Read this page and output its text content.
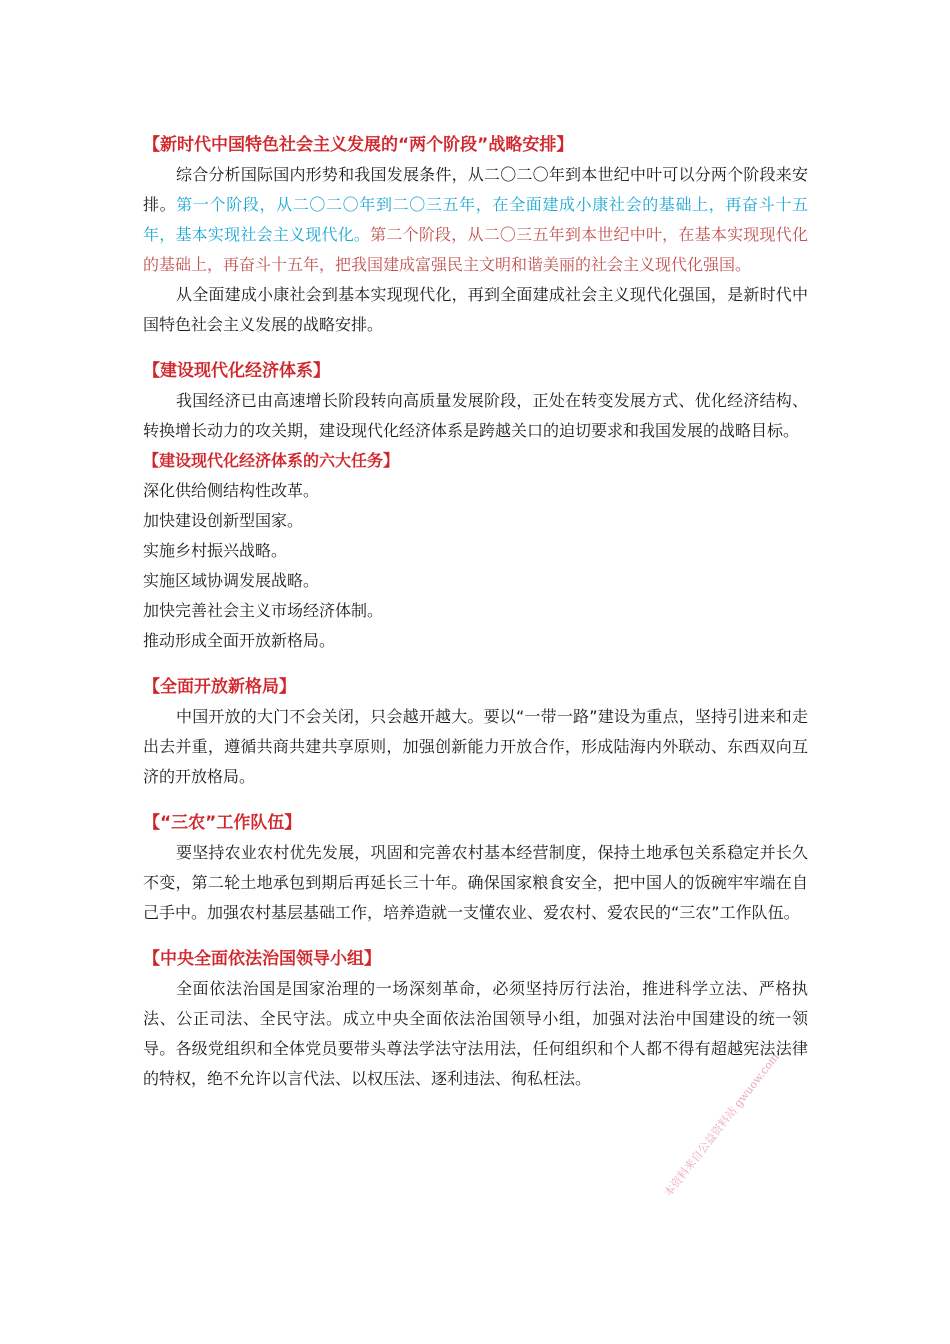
【新时代中国特色社会主义发展的“两个阶段”战略安排】

综合分析国际国内形势和我国发展条件，从二〇二〇年到本世纪中叶可以分两个阶段来安排。第一个阶段，从二〇二〇年到二〇三五年，在全面建成小康社会的基础上，再奋斗十五年，基本实现社会主义现代化。第二个阶段，从二〇三五年到本世纪中叶，在基本实现现代化的基础上，再奋斗十五年，把我国建成富强民主文明和谐美丽的社会主义现代化强国。

从全面建成小康社会到基本实现现代化，再到全面建成社会主义现代化强国，是新时代中国特色社会主义发展的战略安排。

【建设现代化经济体系】

我国经济已由高速增长阶段转向高质量发展阶段，正处在转变发展方式、优化经济结构、转换增长动力的攻关期，建设现代化经济体系是跨越关口的迫切要求和我国发展的战略目标。

【建设现代化经济体系的六大任务】

深化供给侧结构性改革。

加快建设创新型国家。

实施乡村振兴战略。

实施区域协调发展战略。

加快完善社会主义市场经济体制。

推动形成全面开放新格局。

【全面开放新格局】

中国开放的大门不会关闭，只会越开越大。要以“一带一路”建设为重点，坚持引进来和走出去并重，遵循共商共建共享原则，加强创新能力开放合作，形成陆海内外联动、东西双向互济的开放格局。

【“三农”工作队伍】

要坚持农业农村优先发展，巩固和完善农村基本经营制度，保持土地承包关系稳定并长久不变，第二轮土地承包到期后再延长三十年。确保国家粮食安全，把中国人的饭碗牢牢端在自己手中。加强农村基层基础工作，培养造就一支懂农业、爱农村、爱农民的“三农”工作队伍。

【中央全面依法治国领导小组】

全面依法治国是国家治理的一场深刻革命，必须坚持厉行法治，推进科学立法、严格执法、公正司法、全民守法。成立中央全面依法治国领导小组，加强对法治中国建设的统一领导。各级党组织和全体党员要带头尊法学法守法用法，任何组织和个人都不得有超越宪法法律的特权，绝不允许以言代法、以权压法、逐利违法、徇私枉法。	本资料来自公益资料站 gwuow.com
